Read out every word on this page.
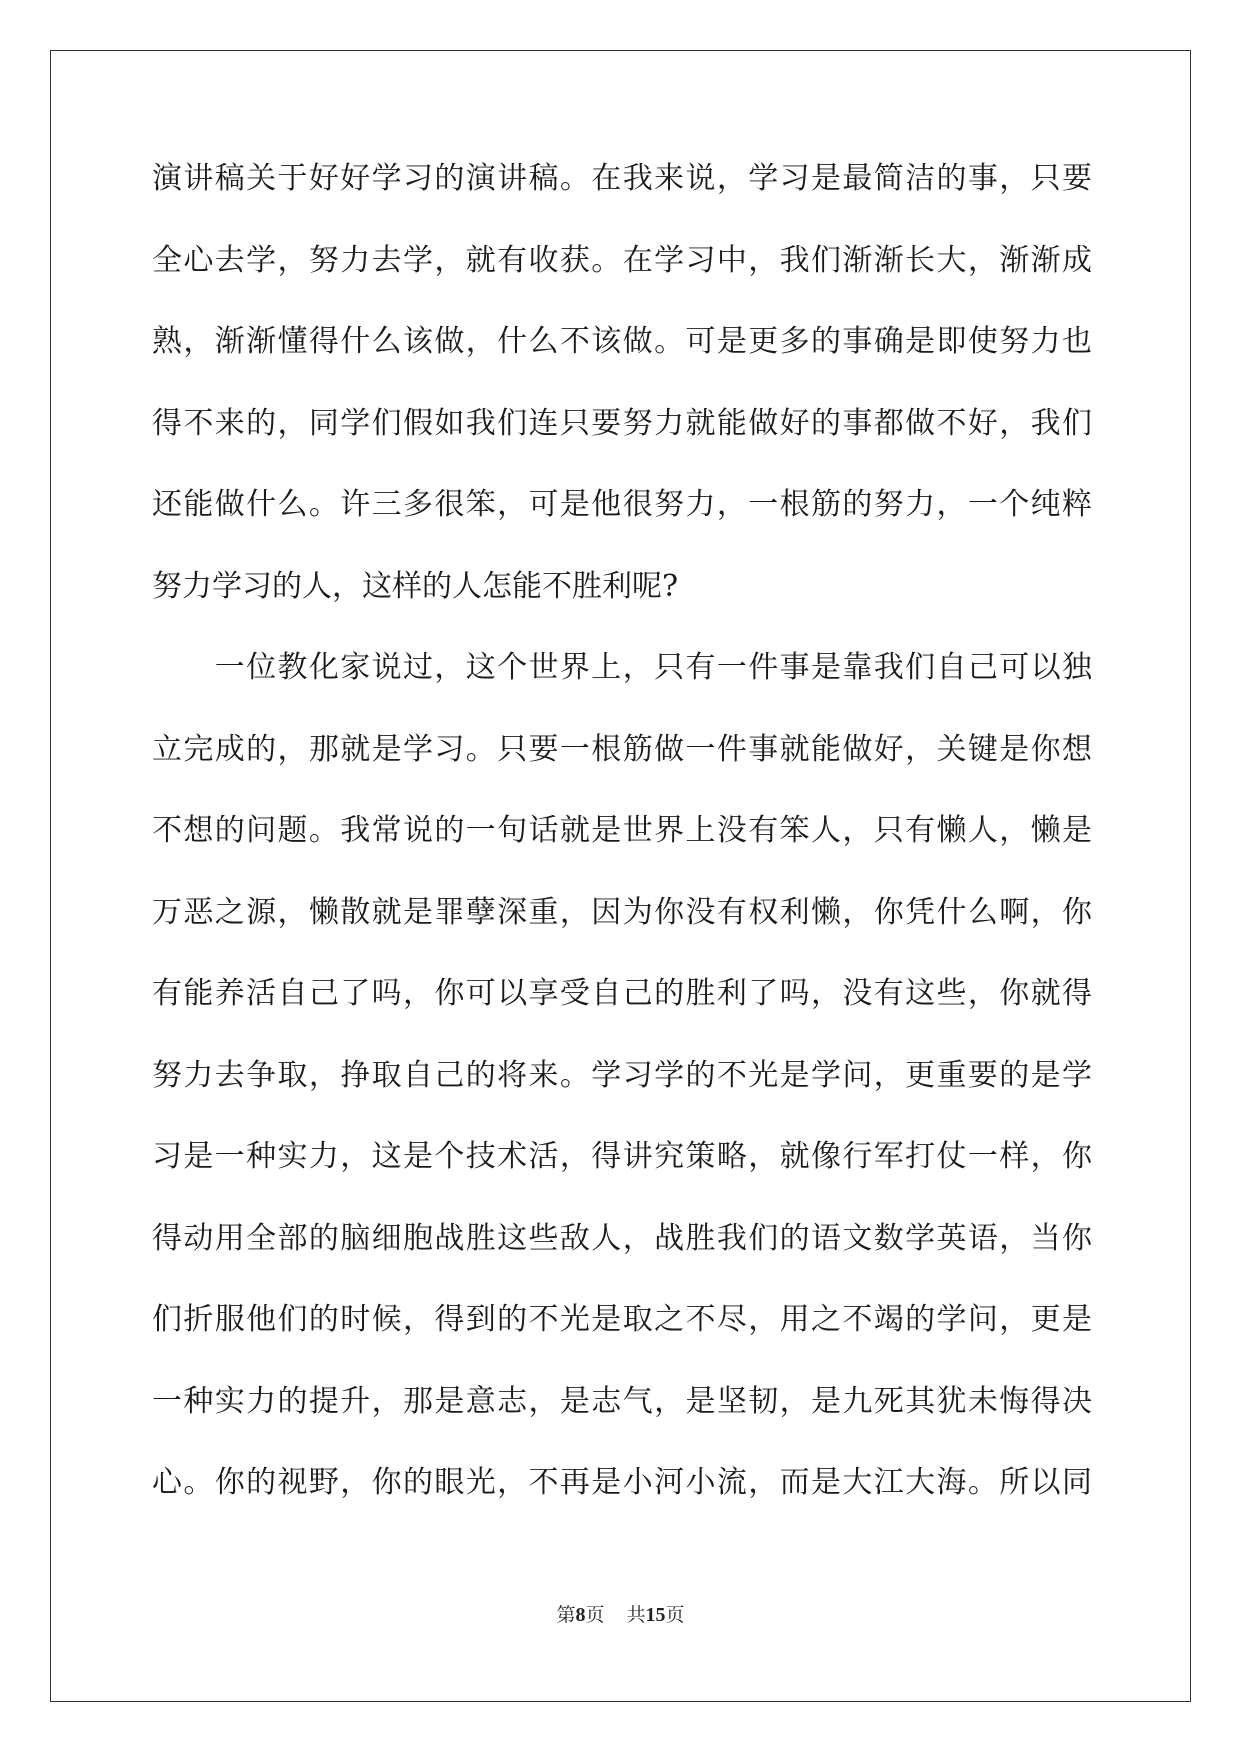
演讲稿关于好好学习的演讲稿。在我来说，学习是最简洁的事，只要
全心去学，努力去学，就有收获。在学习中，我们渐渐长大，渐渐成
熟，渐渐懂得什么该做，什么不该做。可是更多的事确是即使努力也
得不来的，同学们假如我们连只要努力就能做好的事都做不好，我们
还能做什么。许三多很笨，可是他很努力，一根筋的努力，一个纯粹
努力学习的人，这样的人怎能不胜利呢?
　　一位教化家说过，这个世界上，只有一件事是靠我们自己可以独
立完成的，那就是学习。只要一根筋做一件事就能做好，关键是你想
不想的问题。我常说的一句话就是世界上没有笨人，只有懒人，懒是
万恶之源，懒散就是罪孽深重，因为你没有权利懒，你凭什么啊，你
有能养活自己了吗，你可以享受自己的胜利了吗，没有这些，你就得
努力去争取，挣取自己的将来。学习学的不光是学问，更重要的是学
习是一种实力，这是个技术活，得讲究策略，就像行军打仗一样，你
得动用全部的脑细胞战胜这些敌人，战胜我们的语文数学英语，当你
们折服他们的时候，得到的不光是取之不尽，用之不竭的学问，更是
一种实力的提升，那是意志，是志气，是坚韧，是九死其犹未悔得决
心。你的视野，你的眼光，不再是小河小流，而是大江大海。所以同
第8页 共15页
